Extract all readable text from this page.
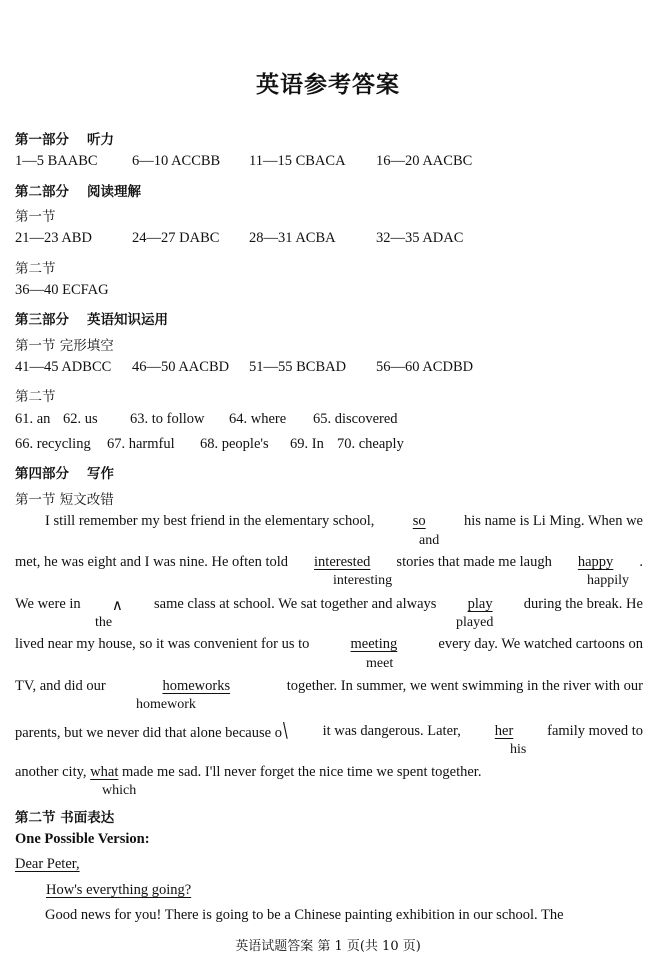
英语参考答案
第一部分 听力
1—5 BAABC 6—10 ACCBB 11—15 CBACA 16—20 AACBC
第二部分 阅读理解
第一节
21—23 ABD	24—27 DABC 28—31 ACBA	32—35 ADAC
第二节
36—40 ECFAG
第三部分 英语知识运用
第一节 完形填空
41—45 ADBCC 46—50 AACBD 51—55 BCBAD 56—60 ACDBD
第二节
61. an 62. us 63. to follow 64. where 65. discovered
66. recycling 67. harmful 68. people's 69. In 70. cheaply
第四部分 写作
第一节 短文改错
I still remember my best friend in the elementary school,	so	his name is Li Ming. When we
and
met, he was eight and I was nine. He often told interested stories that made me laugh happy .
interesting	happily
We were in ∧ same class at school. We sat together and always play during the break. He
the	played
lived near my house, so it was convenient for us to	meeting	every day. We watched cartoons on
meet
TV, and did our	homeworks	together. In summer, we went swimming in the river with our
homework
parents, but we never did that alone because o\ it was dangerous. Later, her family moved to
his
another city, what made me sad. I'll never forget the nice time we spent together.
which
第二节 书面表达
One Possible Version:
Dear Peter,
How's everything going?
Good news for you! There is going to be a Chinese painting exhibition in our school. The
英语试题答案 第 1 页(共 10 页)
